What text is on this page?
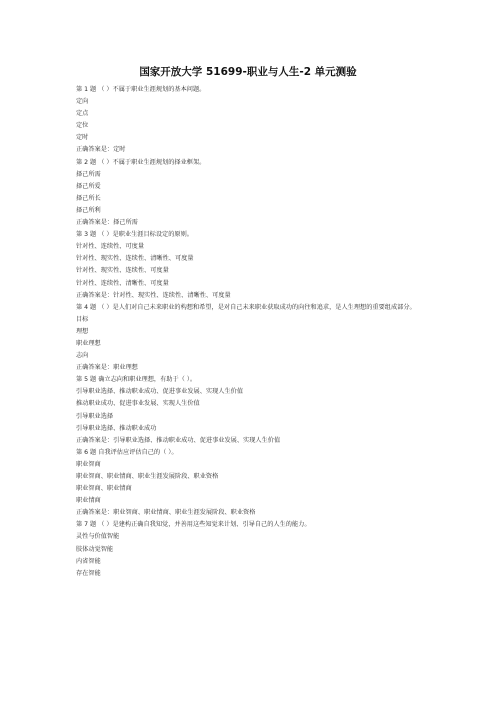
国家开放大学 51699-职业与人生-2 单元测验
第 1 题 （ ）不属于职业生涯规划的基本问题。
定向
定点
定位
定时
正确答案是：定时
第 2 题 （ ）不属于职业生涯规划的择业框架。
择己所需
择己所爱
择己所长
择己所利
正确答案是：择己所需
第 3 题 （ ）是职业生涯目标设定的原则。
针对性、连续性、可度量
针对性、现实性、连续性、清晰性、可度量
针对性、现实性、连续性、可度量
针对性、连续性、清晰性、可度量
正确答案是：针对性、现实性、连续性、清晰性、可度量
第 4 题 （ ）是人们对自己未来职业的构想和希望，是对自己未来职业获取成功的向往和追求，是人生理想的重要组成部分。
目标
理想
职业理想
志向
正确答案是：职业理想
第 5 题 确立志向和职业理想，有助于（ ）。
引导职业选择、推动职业成功、促进事业发展、实现人生价值
推动职业成功、促进事业发展、实现人生价值
引导职业选择
引导职业选择、推动职业成功
正确答案是：引导职业选择、推动职业成功、促进事业发展、实现人生价值
第 6 题 自我评估应评估自己的（ ）。
职业智商
职业智商、职业情商、职业生涯发展阶段、职业资格
职业智商、职业情商
职业情商
正确答案是：职业智商、职业情商、职业生涯发展阶段、职业资格
第 7 题 （ ）是建构正确自我知觉，并善用这些知觉来计划、引导自己的人生的能力。
灵性与价值智能
肢体动觉智能
内省智能
存在智能
